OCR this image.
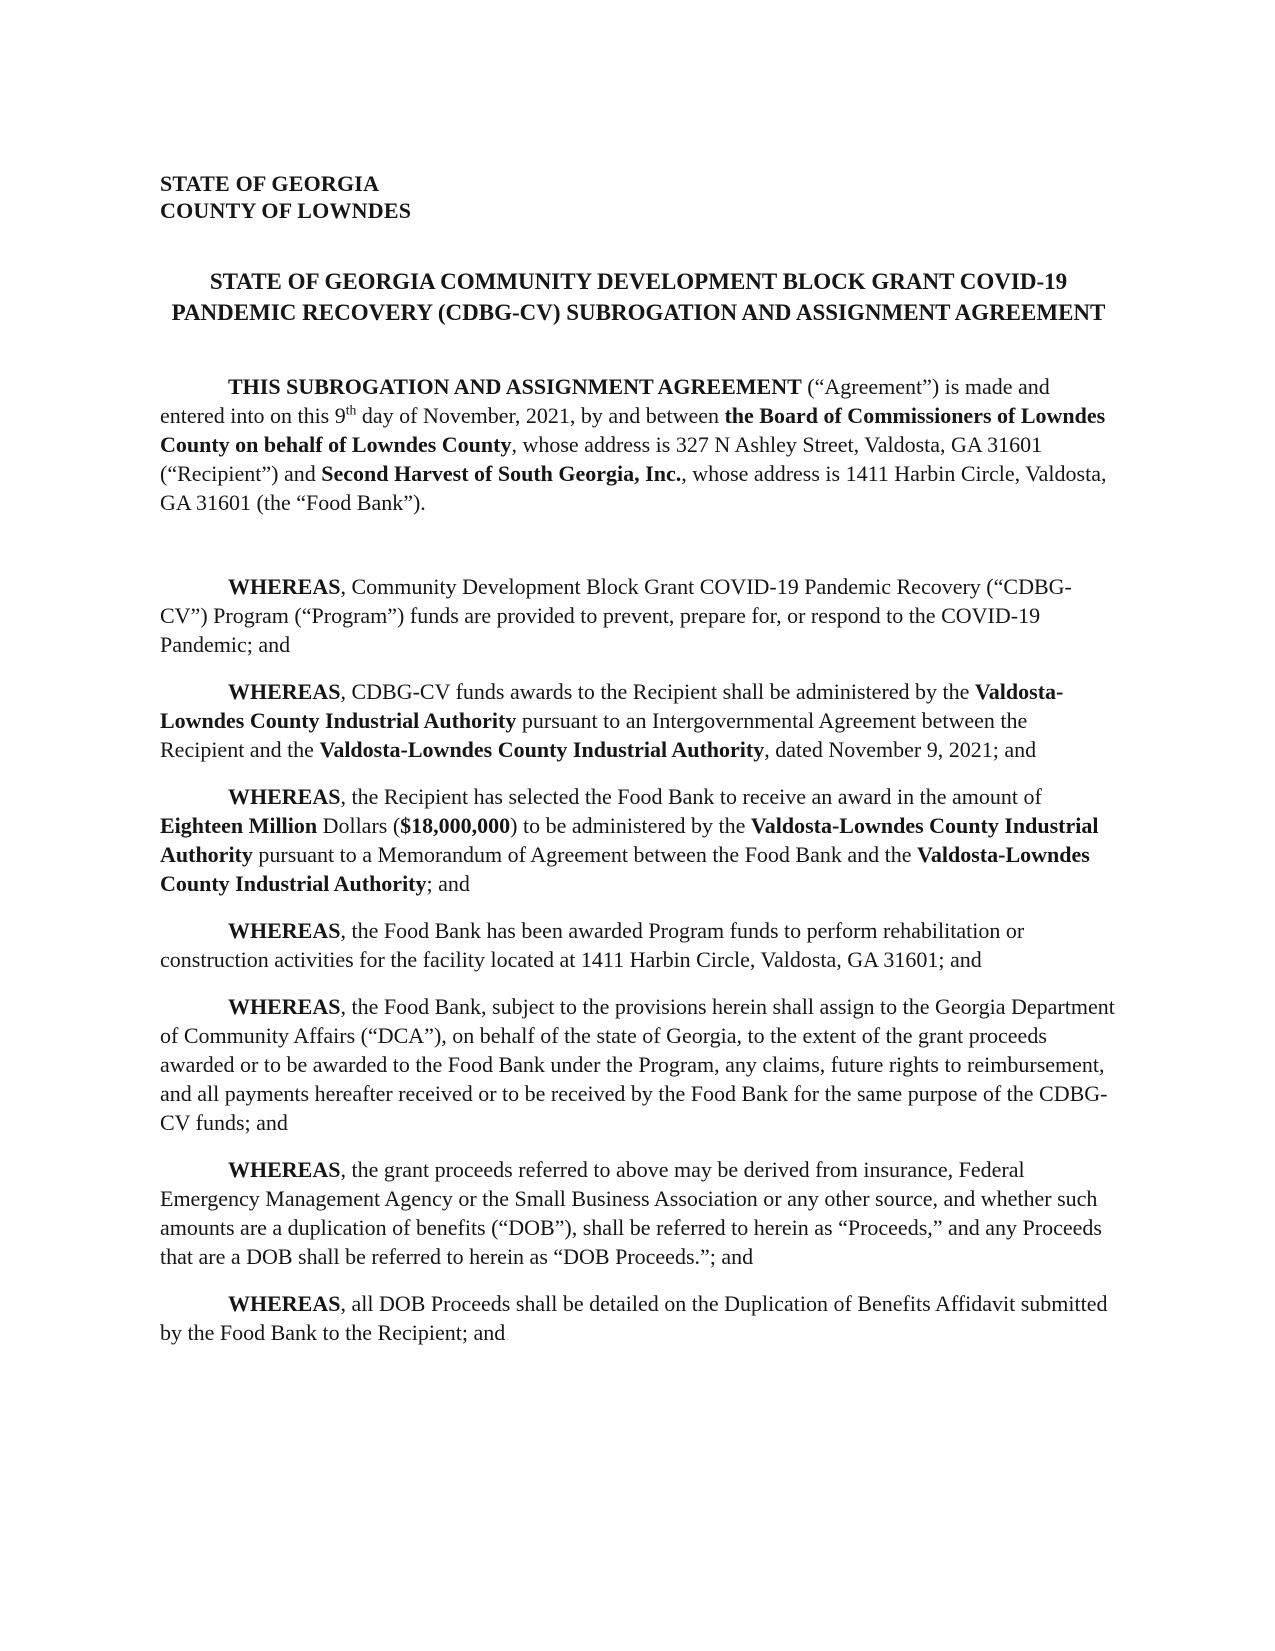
STATE OF GEORGIA
COUNTY OF LOWNDES
STATE OF GEORGIA COMMUNITY DEVELOPMENT BLOCK GRANT COVID-19
PANDEMIC RECOVERY (CDBG-CV) SUBROGATION AND ASSIGNMENT AGREEMENT

THIS SUBROGATION AND ASSIGNMENT AGREEMENT (“Agreement”) is made and entered into on this 9th day of November, 2021, by and between the Board of Commissioners of Lowndes County on behalf of Lowndes County, whose address is 327 N Ashley Street, Valdosta, GA 31601 (“Recipient”) and Second Harvest of South Georgia, Inc., whose address is 1411 Harbin Circle, Valdosta, GA 31601 (the “Food Bank”).

WHEREAS, Community Development Block Grant COVID-19 Pandemic Recovery (“CDBG-CV”) Program (“Program”) funds are provided to prevent, prepare for, or respond to the COVID-19 Pandemic; and

WHEREAS, CDBG-CV funds awards to the Recipient shall be administered by the Valdosta-Lowndes County Industrial Authority pursuant to an Intergovernmental Agreement between the Recipient and the Valdosta-Lowndes County Industrial Authority, dated November 9, 2021; and

WHEREAS, the Recipient has selected the Food Bank to receive an award in the amount of Eighteen Million Dollars ($18,000,000) to be administered by the Valdosta-Lowndes County Industrial Authority pursuant to a Memorandum of Agreement between the Food Bank and the Valdosta-Lowndes County Industrial Authority; and

WHEREAS, the Food Bank has been awarded Program funds to perform rehabilitation or construction activities for the facility located at 1411 Harbin Circle, Valdosta, GA 31601; and

WHEREAS, the Food Bank, subject to the provisions herein shall assign to the Georgia Department of Community Affairs (“DCA”), on behalf of the state of Georgia, to the extent of the grant proceeds awarded or to be awarded to the Food Bank under the Program, any claims, future rights to reimbursement, and all payments hereafter received or to be received by the Food Bank for the same purpose of the CDBG-CV funds; and

WHEREAS, the grant proceeds referred to above may be derived from insurance, Federal Emergency Management Agency or the Small Business Association or any other source, and whether such amounts are a duplication of benefits (“DOB”), shall be referred to herein as “Proceeds,” and any Proceeds that are a DOB shall be referred to herein as “DOB Proceeds.”; and

WHEREAS, all DOB Proceeds shall be detailed on the Duplication of Benefits Affidavit submitted by the Food Bank to the Recipient; and
